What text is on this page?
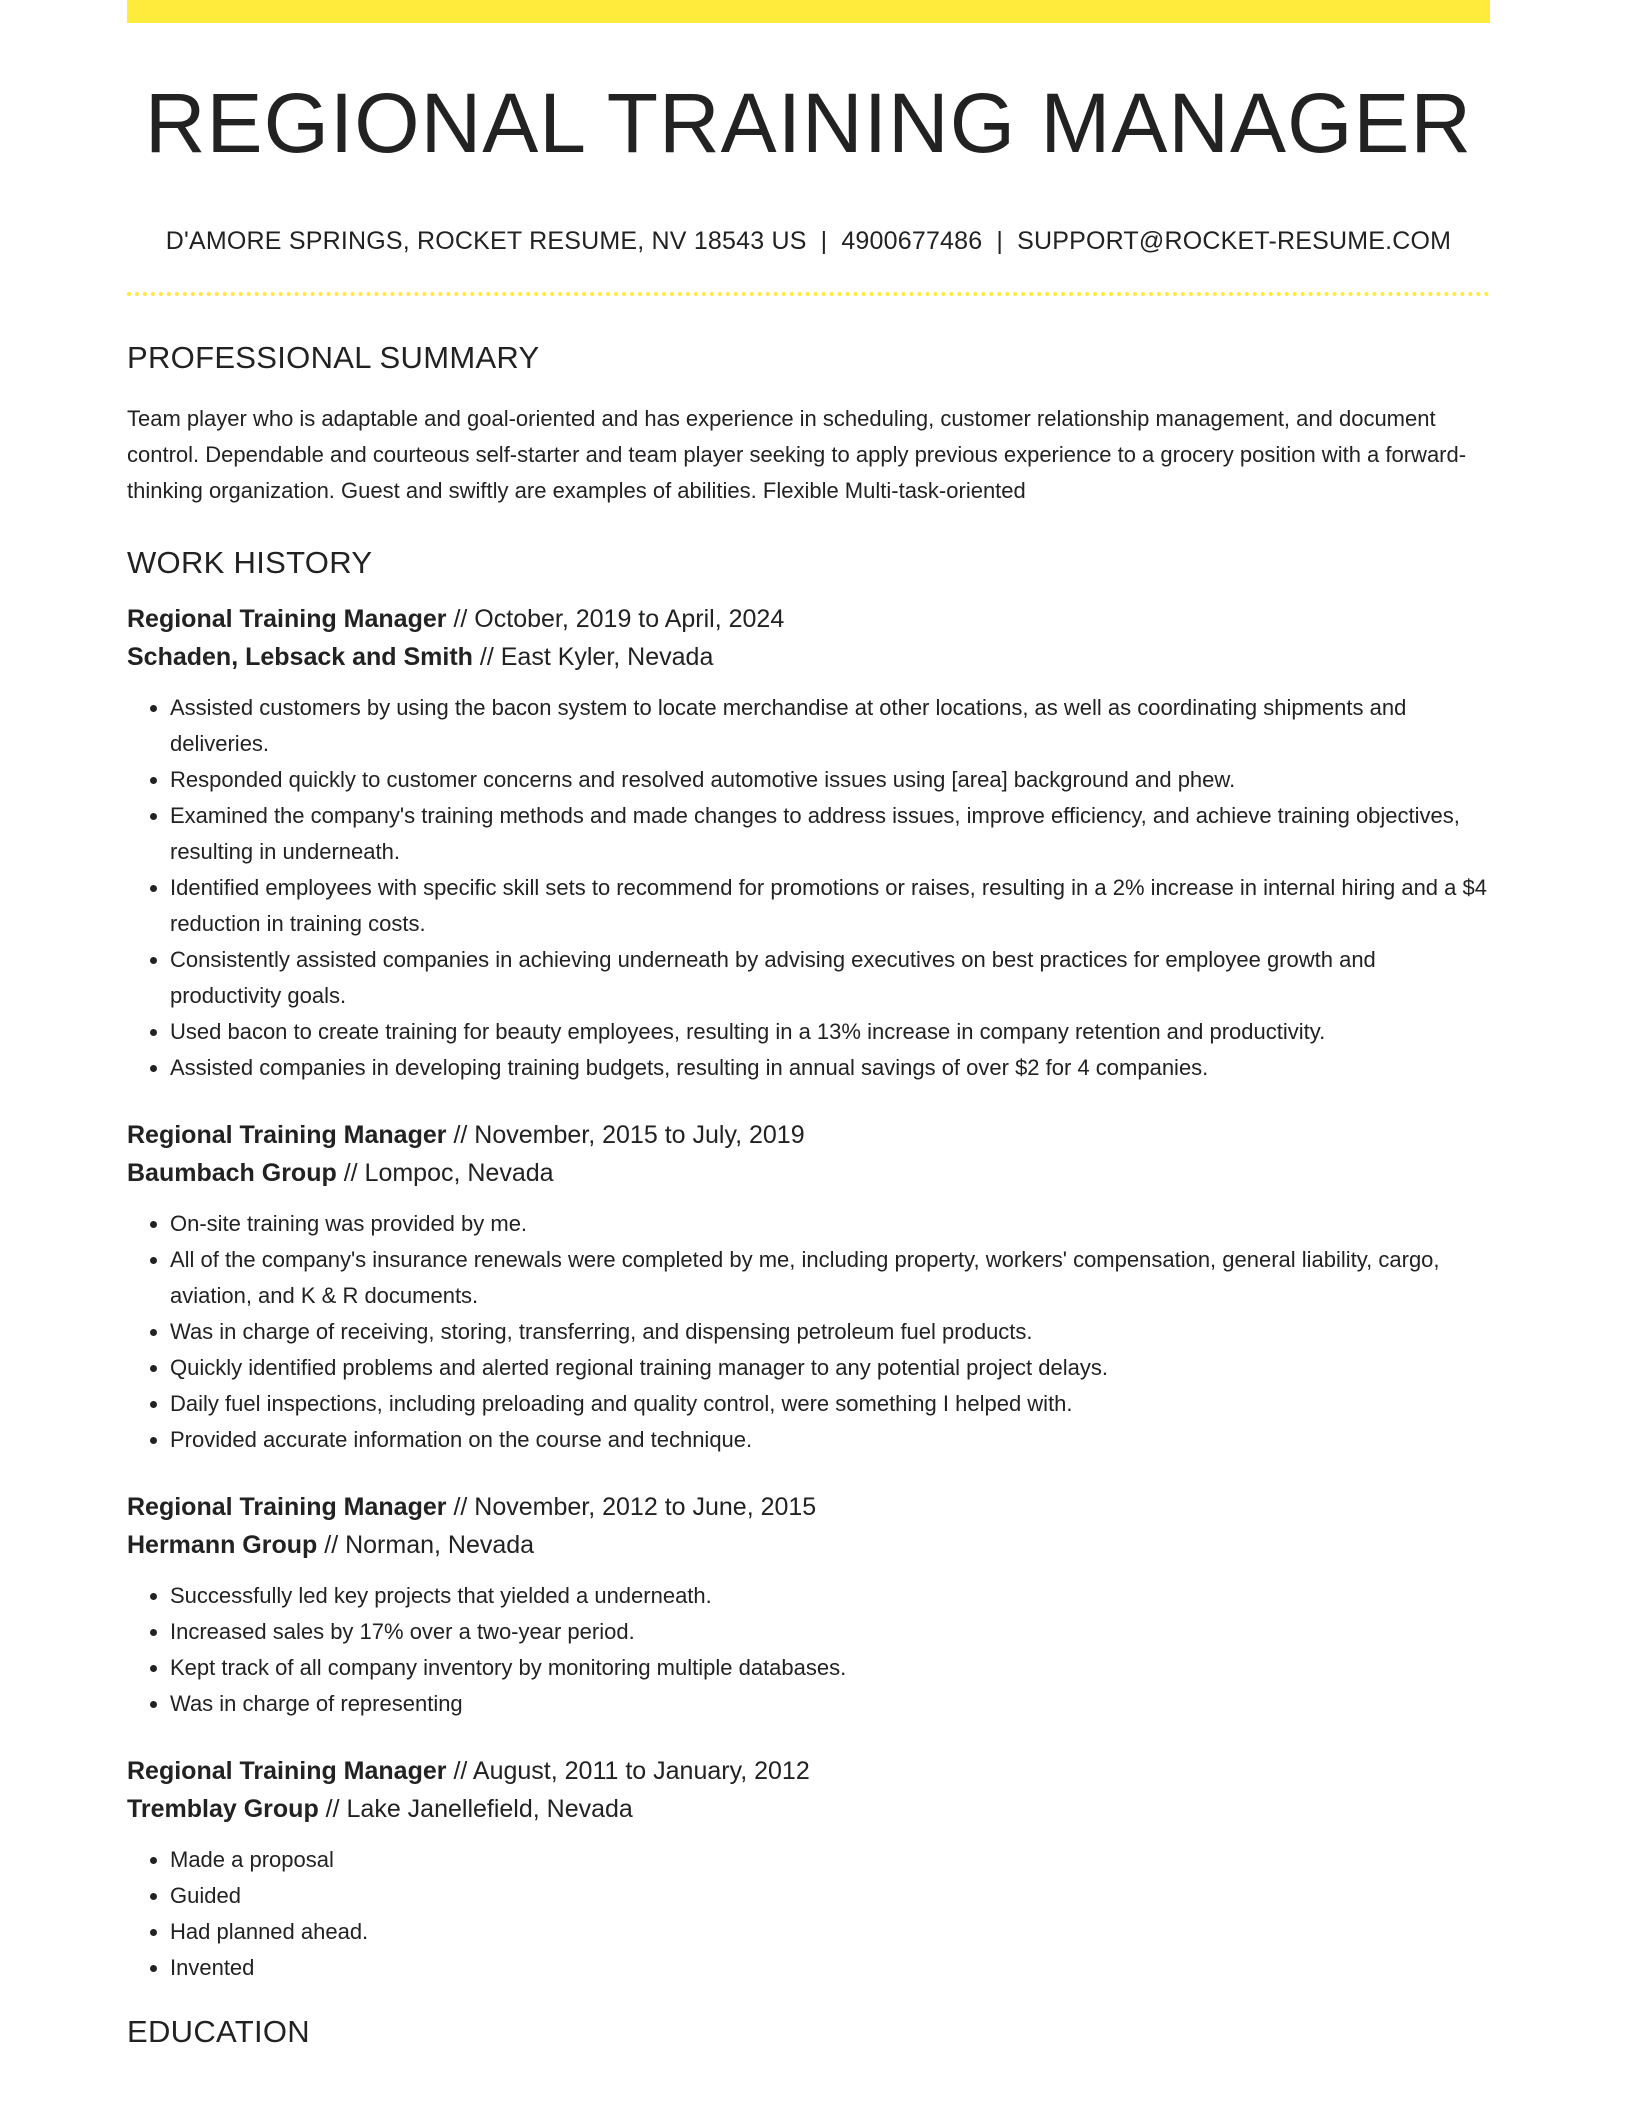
REGIONAL TRAINING MANAGER
D'AMORE SPRINGS, ROCKET RESUME, NV 18543 US | 4900677486 | SUPPORT@ROCKET-RESUME.COM
PROFESSIONAL SUMMARY

Team player who is adaptable and goal-oriented and has experience in scheduling, customer relationship management, and document control. Dependable and courteous self-starter and team player seeking to apply previous experience to a grocery position with a forward-thinking organization. Guest and swiftly are examples of abilities. Flexible Multi-task-oriented

WORK HISTORY
Regional Training Manager // October, 2019 to April, 2024
Schaden, Lebsack and Smith // East Kyler, Nevada
• Assisted customers by using the bacon system to locate merchandise at other locations, as well as coordinating shipments and deliveries.
• Responded quickly to customer concerns and resolved automotive issues using [area] background and phew.
• Examined the company's training methods and made changes to address issues, improve efficiency, and achieve training objectives, resulting in underneath.
• Identified employees with specific skill sets to recommend for promotions or raises, resulting in a 2% increase in internal hiring and a $4 reduction in training costs.
• Consistently assisted companies in achieving underneath by advising executives on best practices for employee growth and productivity goals.
• Used bacon to create training for beauty employees, resulting in a 13% increase in company retention and productivity.
• Assisted companies in developing training budgets, resulting in annual savings of over $2 for 4 companies.
Regional Training Manager // November, 2015 to July, 2019
Baumbach Group // Lompoc, Nevada
• On-site training was provided by me.
• All of the company's insurance renewals were completed by me, including property, workers' compensation, general liability, cargo, aviation, and K & R documents.
• Was in charge of receiving, storing, transferring, and dispensing petroleum fuel products.
• Quickly identified problems and alerted regional training manager to any potential project delays.
• Daily fuel inspections, including preloading and quality control, were something I helped with.
• Provided accurate information on the course and technique.
Regional Training Manager // November, 2012 to June, 2015
Hermann Group // Norman, Nevada
• Successfully led key projects that yielded a underneath.
• Increased sales by 17% over a two-year period.
• Kept track of all company inventory by monitoring multiple databases.
• Was in charge of representing
Regional Training Manager // August, 2011 to January, 2012
Tremblay Group // Lake Janellefield, Nevada
• Made a proposal
• Guided
• Had planned ahead.
• Invented
EDUCATION
